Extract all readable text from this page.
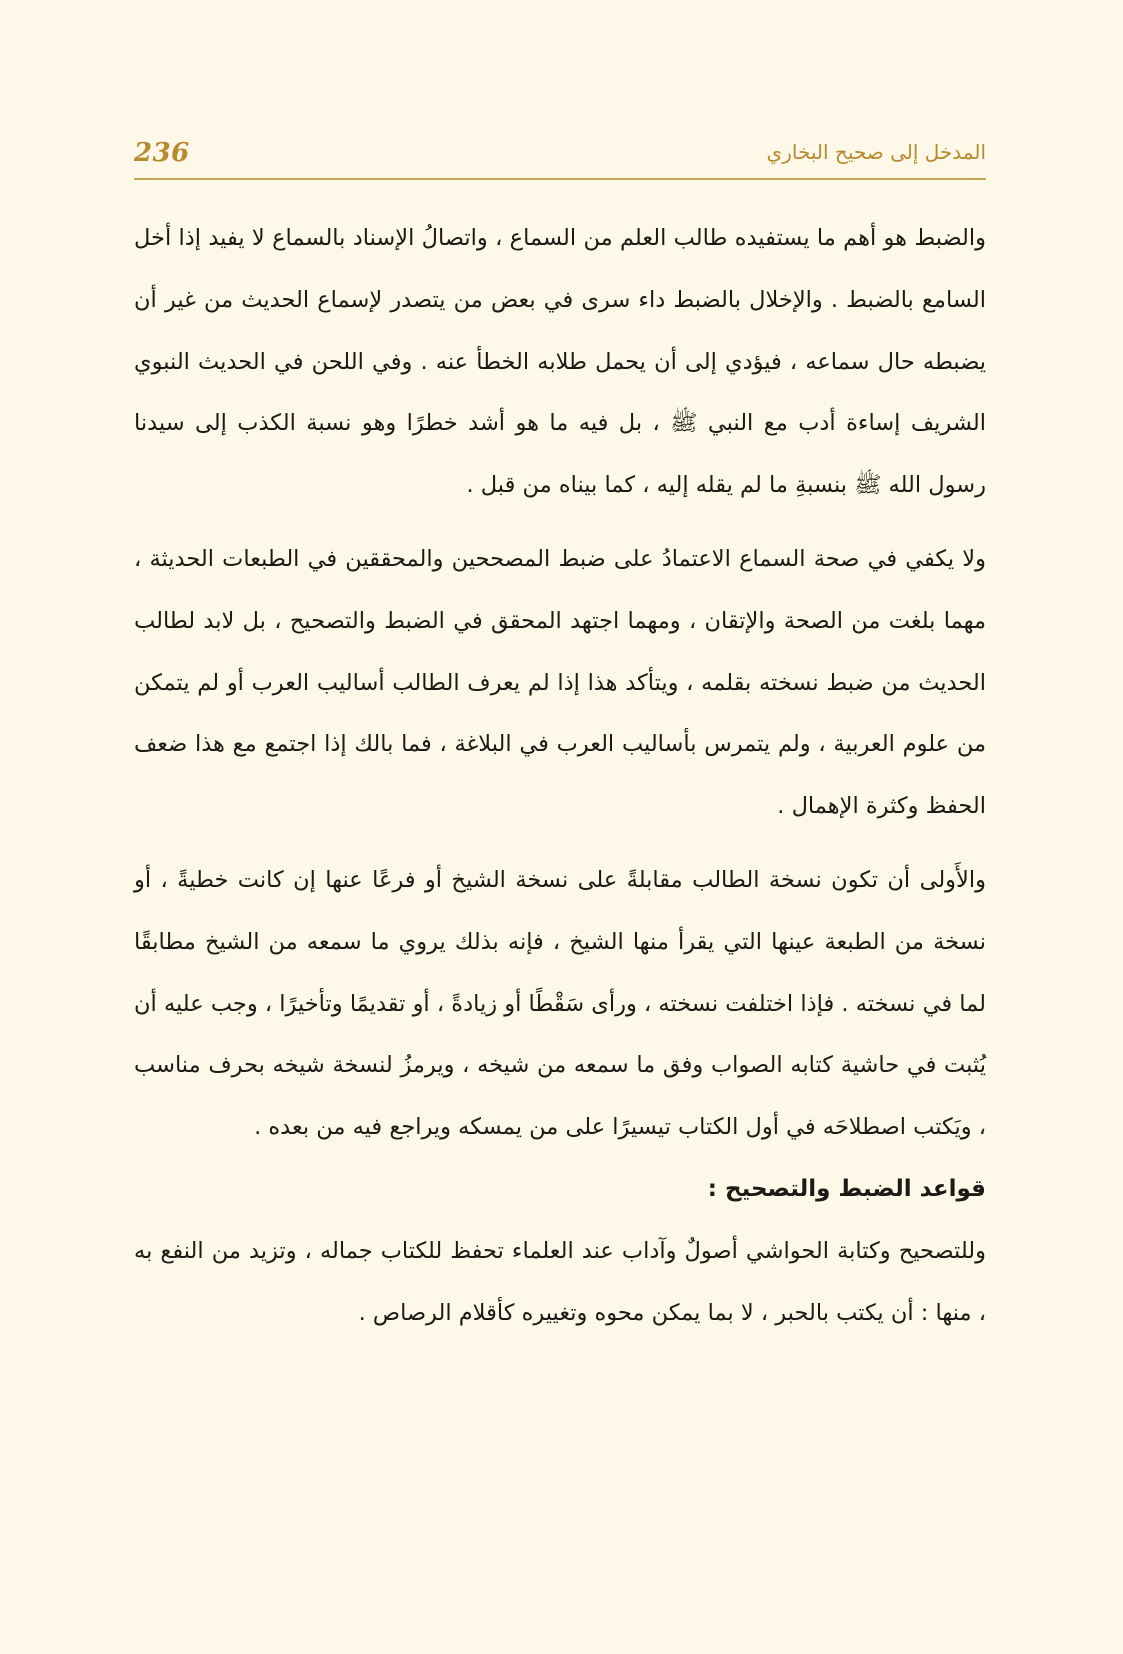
236	المدخل إلى صحيح البخاري

والضبط هو أهم ما يستفيده طالب العلم من السماع ، واتصالُ الإسناد بالسماع لا يفيد إذا أخل السامع بالضبط . والإخلال بالضبط داء سرى في بعض من يتصدر لإسماع الحديث من غير أن يضبطه حال سماعه ، فيؤدي إلى أن يحمل طلابه الخطأ عنه . وفي اللحن في الحديث النبوي الشريف إساءة أدب مع النبي ﷺ ، بل فيه ما هو أشد خطرًا وهو نسبة الكذب إلى سيدنا رسول الله ﷺ بنسبةِ ما لم يقله إليه ، كما بيناه من قبل .

ولا يكفي في صحة السماع الاعتمادُ على ضبط المصححين والمحققين في الطبعات الحديثة ، مهما بلغت من الصحة والإتقان ، ومهما اجتهد المحقق في الضبط والتصحيح ، بل لابد لطالب الحديث من ضبط نسخته بقلمه ، ويتأكد هذا إذا لم يعرف الطالب أساليب العرب أو لم يتمكن من علوم العربية ، ولم يتمرس بأساليب العرب في البلاغة ، فما بالك إذا اجتمع مع هذا ضعف الحفظ وكثرة الإهمال .

والأَولى أن تكون نسخة الطالب مقابلةً على نسخة الشيخ أو فرعًا عنها إن كانت خطيةً ، أو نسخة من الطبعة عينها التي يقرأ منها الشيخ ، فإنه بذلك يروي ما سمعه من الشيخ مطابقًا لما في نسخته . فإذا اختلفت نسخته ، ورأى سَقْطًا أو زيادةً ، أو تقديمًا وتأخيرًا ، وجب عليه أن يُثبت في حاشية كتابه الصواب وفق ما سمعه من شيخه ، ويرمزُ لنسخة شيخه بحرف مناسب ، ويَكتب اصطلاحَه في أول الكتاب تيسيرًا على من يمسكه ويراجع فيه من بعده .

قواعد الضبط والتصحيح :

وللتصحيح وكتابة الحواشي أصولٌ وآداب عند العلماء تحفظ للكتاب جماله ، وتزيد من النفع به ، منها : أن يكتب بالحبر ، لا بما يمكن محوه وتغييره كأقلام الرصاص .
